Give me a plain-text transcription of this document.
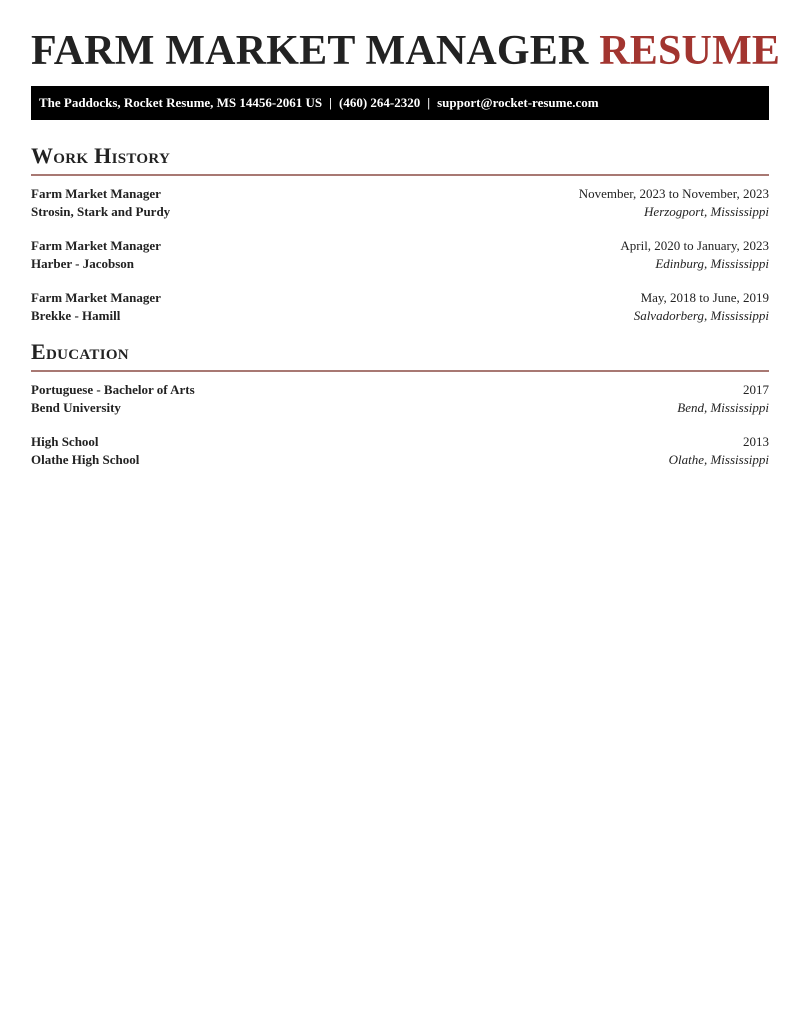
FARM MARKET MANAGER RESUME
The Paddocks, Rocket Resume, MS 14456-2061 US | (460) 264-2320 | support@rocket-resume.com
Work History
Farm Market Manager	November, 2023 to November, 2023
Strosin, Stark and Purdy	Herzogport, Mississippi
Farm Market Manager	April, 2020 to January, 2023
Harber - Jacobson	Edinburg, Mississippi
Farm Market Manager	May, 2018 to June, 2019
Brekke - Hamill	Salvadorberg, Mississippi
Education
Portuguese - Bachelor of Arts	2017
Bend University	Bend, Mississippi
High School	2013
Olathe High School	Olathe, Mississippi
